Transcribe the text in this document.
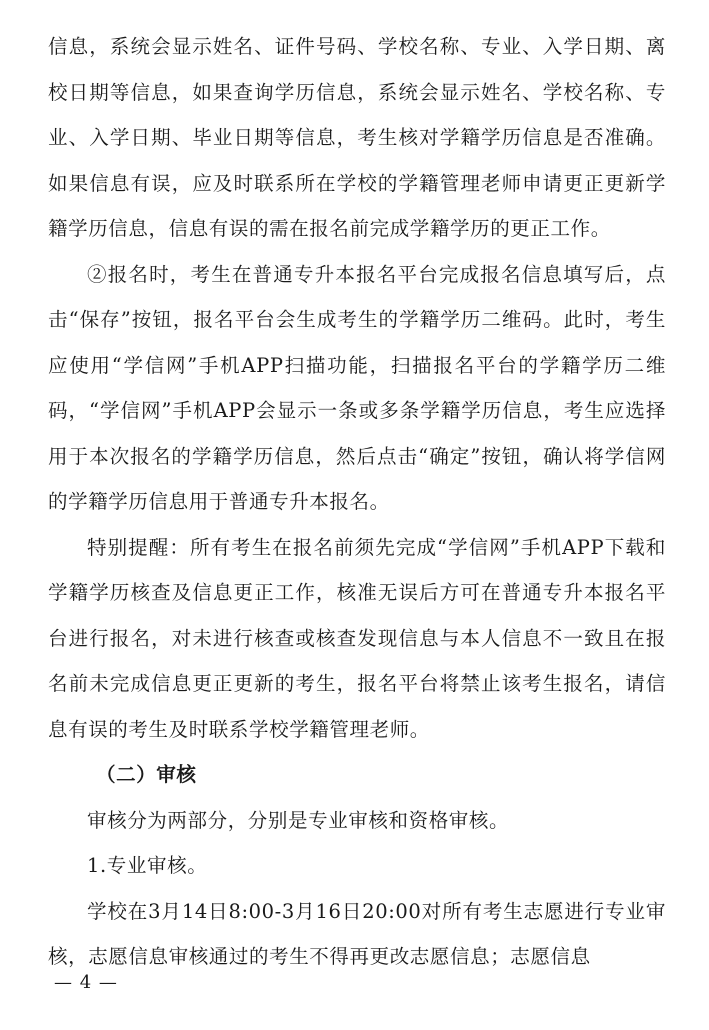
信息，系统会显示姓名、证件号码、学校名称、专业、入学日期、离校日期等信息，如果查询学历信息，系统会显示姓名、学校名称、专业、入学日期、毕业日期等信息，考生核对学籍学历信息是否准确。如果信息有误，应及时联系所在学校的学籍管理老师申请更正更新学籍学历信息，信息有误的需在报名前完成学籍学历的更正工作。

②报名时，考生在普通专升本报名平台完成报名信息填写后，点击“保存”按钮，报名平台会生成考生的学籍学历二维码。此时，考生应使用“学信网”手机APP扫描功能，扫描报名平台的学籍学历二维码，“学信网”手机APP会显示一条或多条学籍学历信息，考生应选择用于本次报名的学籍学历信息，然后点击“确定”按钮，确认将学信网的学籍学历信息用于普通专升本报名。

特别提醒：所有考生在报名前须先完成“学信网”手机APP下载和学籍学历核查及信息更正工作，核准无误后方可在普通专升本报名平台进行报名，对未进行核查或核查发现信息与本人信息不一致且在报名前未完成信息更正更新的考生，报名平台将禁止该考生报名，请信息有误的考生及时联系学校学籍管理老师。

（二）审核

审核分为两部分，分别是专业审核和资格审核。

1.专业审核。

学校在3月14日8:00-3月16日20:00对所有考生志愿进行专业审核，志愿信息审核通过的考生不得再更改志愿信息；志愿信息

— 4 —
